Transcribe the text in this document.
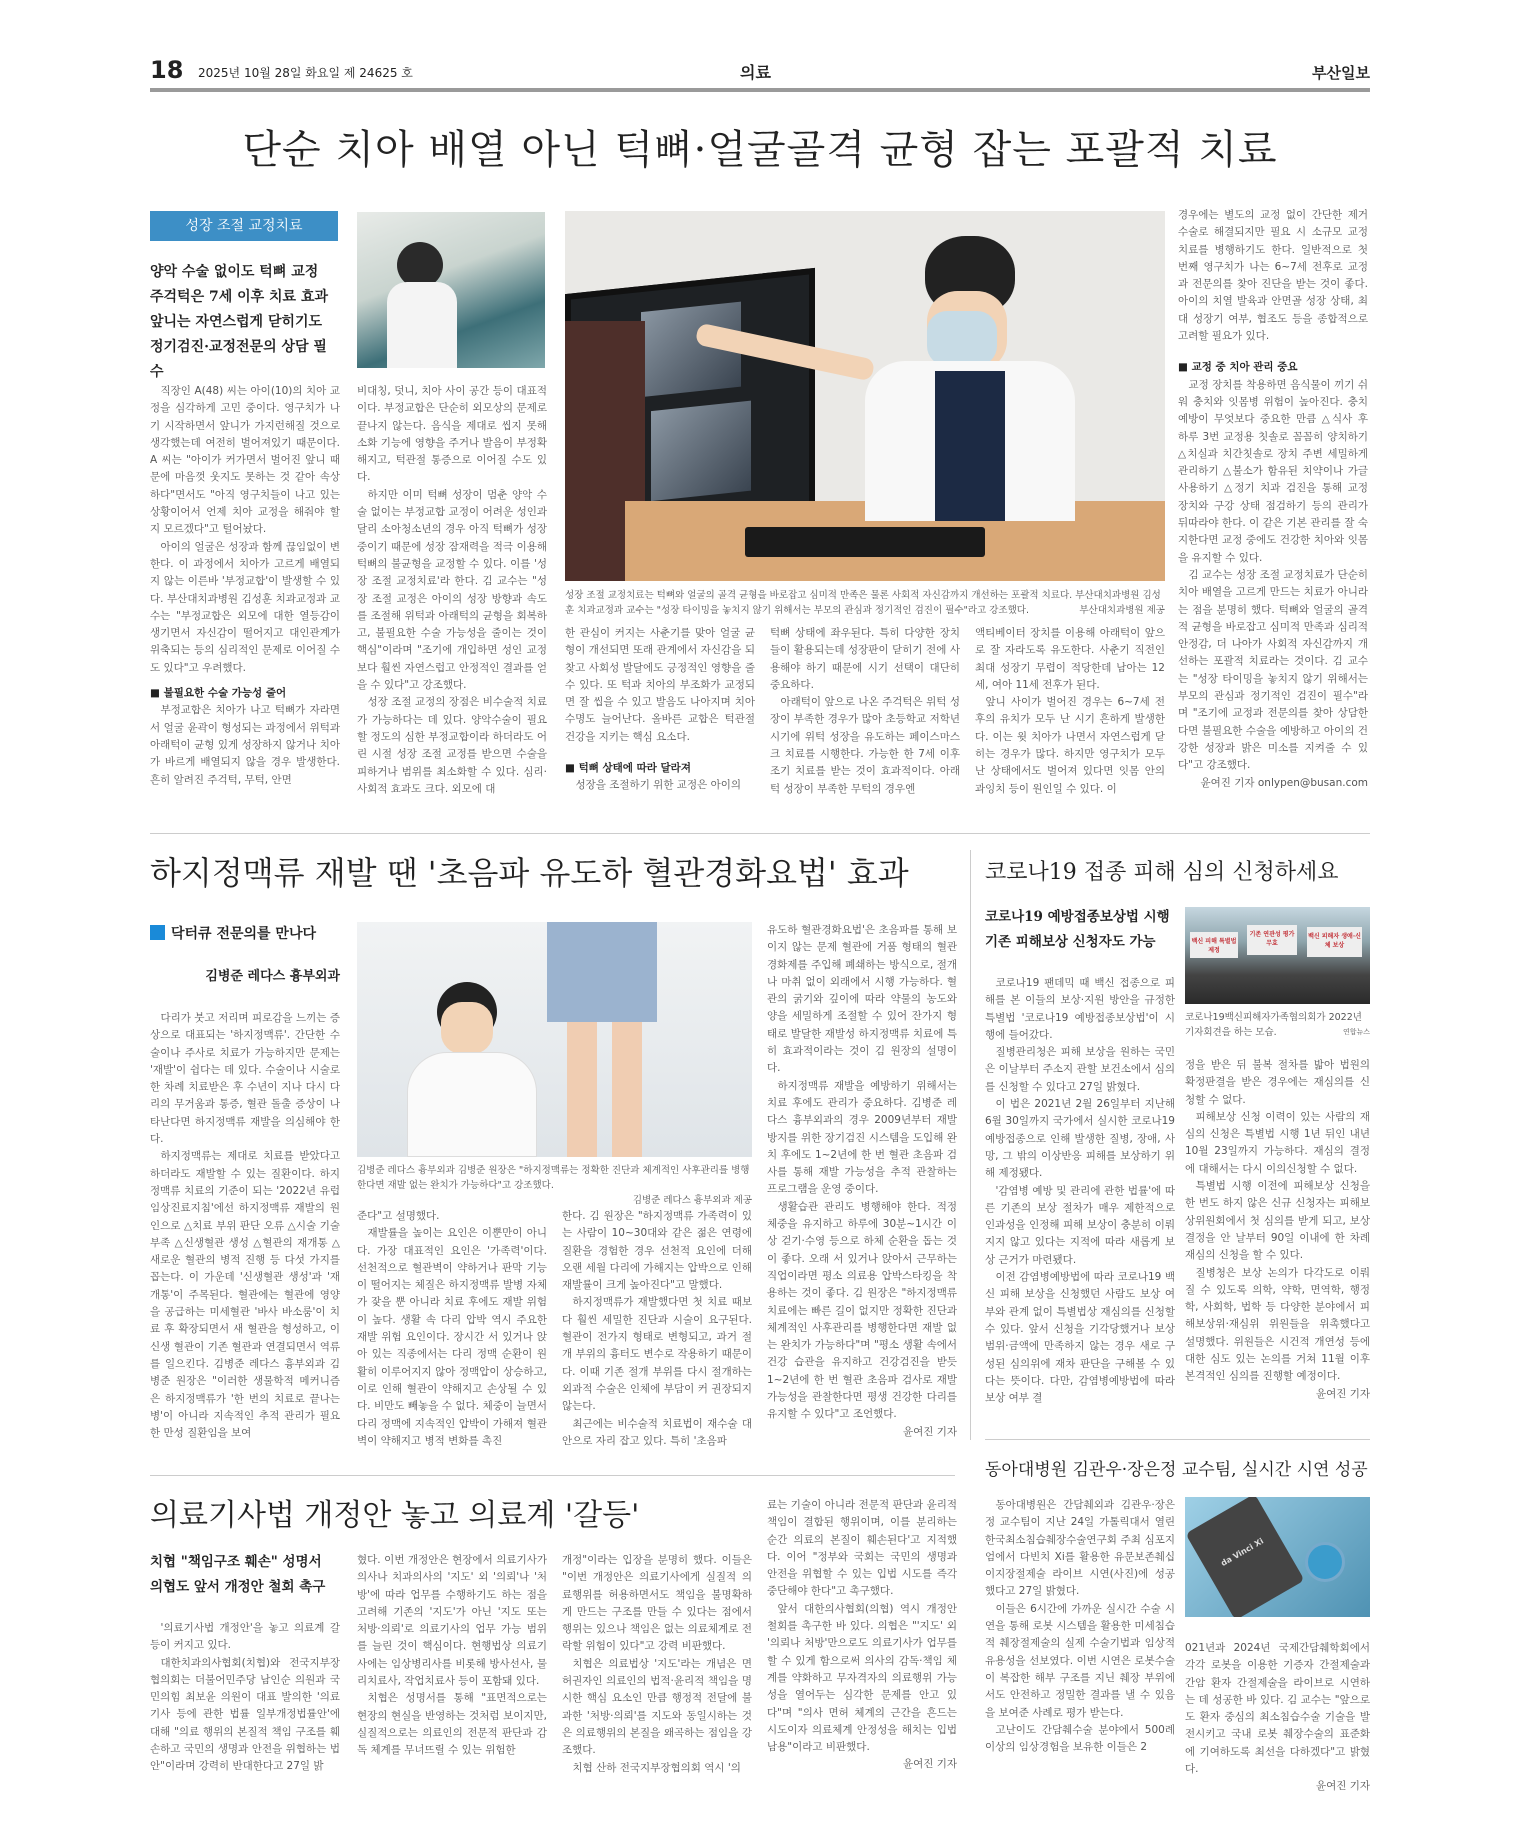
18 2025년 10월 28일 화요일 제 24625 호	의료	부산일보
단순 치아 배열 아닌 턱뼈·얼굴골격 균형 잡는 포괄적 치료
성장 조절 교정치료
양악 수술 없이도 턱뼈 교정
주걱턱은 7세 이후 치료 효과
앞니는 자연스럽게 닫히기도
정기검진·교정전문의 상담 필수
성장 조절 교정치료는 턱뼈와 얼굴의 골격 균형을 바로잡고 심미적 만족은 물론 사회적 자신감까지 개선하는 포괄적 치료다. 부산대치과병원 김성훈 치과교정과 교수는 "성장 타이밍을 놓치지 않기 위해서는 부모의 관심과 정기적인 검진이 필수"라고 강조했다.	부산대치과병원 제공

직장인 A(48) 씨는 아이(10)의 치아 교정을 심각하게 고민 중이다. 영구치가 나기 시작하면서 앞니가 가지런해질 것으로 생각했는데 여전히 벌어져있기 때문이다. A 씨는 "아이가 커가면서 벌어진 앞니 때문에 마음껏 웃지도 못하는 것 같아 속상하다"면서도 "아직 영구치들이 나고 있는 상황이어서 언제 치아 교정을 해줘야 할 지 모르겠다"고 털어놨다.

아이의 얼굴은 성장과 함께 끊임없이 변한다. 이 과정에서 치아가 고르게 배열되지 않는 이른바 '부정교합'이 발생할 수 있다. 부산대치과병원 김성훈 치과교정과 교수는 "부정교합은 외모에 대한 열등감이 생기면서 자신감이 떨어지고 대인관계가 위축되는 등의 심리적인 문제로 이어질 수도 있다"고 우려했다.

■ 불필요한 수술 가능성 줄어

부정교합은 치아가 나고 턱뼈가 자라면서 얼굴 윤곽이 형성되는 과정에서 위턱과 아래턱이 균형 있게 성장하지 않거나 치아가 바르게 배열되지 않을 경우 발생한다. 흔히 알려진 주걱턱, 무턱, 안면

비대칭, 덧니, 치아 사이 공간 등이 대표적이다. 부정교합은 단순히 외모상의 문제로 끝나지 않는다. 음식을 제대로 씹지 못해 소화 기능에 영향을 주거나 발음이 부정확해지고, 턱관절 통증으로 이어질 수도 있다.

하지만 이미 턱뼈 성장이 멈춘 양악 수술 없이는 부정교합 교정이 어려운 성인과 달리 소아청소년의 경우 아직 턱뼈가 성장 중이기 때문에 성장 잠재력을 적극 이용해 턱뼈의 불균형을 교정할 수 있다. 이를 '성장 조절 교정치료'라 한다. 김 교수는 "성장 조절 교정은 아이의 성장 방향과 속도를 조절해 위턱과 아래턱의 균형을 회복하고, 불필요한 수술 가능성을 줄이는 것이 핵심"이라며 "조기에 개입하면 성인 교정보다 훨씬 자연스럽고 안정적인 결과를 얻을 수 있다"고 강조했다.

성장 조절 교정의 장점은 비수술적 치료가 가능하다는 데 있다. 양악수술이 필요할 정도의 심한 부정교합이라 하더라도 어린 시절 성장 조절 교정를 받으면 수술을 피하거나 범위를 최소화할 수 있다. 심리·사회적 효과도 크다. 외모에 대

한 관심이 커지는 사춘기를 맞아 얼굴 균형이 개선되면 또래 관계에서 자신감을 되찾고 사회성 발달에도 긍정적인 영향을 줄 수 있다. 또 턱과 치아의 부조화가 교정되면 잘 씹을 수 있고 발음도 나아지며 치아 수명도 늘어난다. 올바른 교합은 턱관절 건강을 지키는 핵심 요소다.

■ 턱뼈 상태에 따라 달라져

성장을 조절하기 위한 교정은 아이의

턱뼈 상태에 좌우된다. 특히 다양한 장치들이 활용되는데 성장판이 닫히기 전에 사용해야 하기 때문에 시기 선택이 대단히 중요하다.

아래턱이 앞으로 나온 주걱턱은 위턱 성장이 부족한 경우가 많아 초등학교 저학년 시기에 위턱 성장을 유도하는 페이스마스크 치료를 시행한다. 가능한 한 7세 이후 조기 치료를 받는 것이 효과적이다. 아래턱 성장이 부족한 무턱의 경우엔

액티베이터 장치를 이용해 아래턱이 앞으로 잘 자라도록 유도한다. 사춘기 직전인 최대 성장기 무렵이 적당한데 남아는 12세, 여아 11세 전후가 된다.

앞니 사이가 벌어진 경우는 6~7세 전후의 유치가 모두 난 시기 흔하게 발생한다. 이는 윗 치아가 나면서 자연스럽게 닫히는 경우가 많다. 하지만 영구치가 모두 난 상태에서도 벌어져 있다면 잇몸 안의 과잉치 등이 원인일 수 있다. 이

경우에는 별도의 교정 없이 간단한 제거 수술로 해결되지만 필요 시 소규모 교정 치료를 병행하기도 한다. 일반적으로 첫 번째 영구치가 나는 6~7세 전후로 교정과 전문의를 찾아 진단을 받는 것이 좋다. 아이의 치열 발육과 안면골 성장 상태, 최대 성장기 여부, 협조도 등을 종합적으로 고려할 필요가 있다.

■ 교정 중 치아 관리 중요

교정 장치를 착용하면 음식물이 끼기 쉬워 충치와 잇몸병 위험이 높아진다. 충치 예방이 무엇보다 중요한 만큼 △식사 후 하루 3번 교정용 칫솔로 꼼꼼히 양치하기 △치실과 치간칫솔로 장치 주변 세밀하게 관리하기 △불소가 함유된 치약이나 가글 사용하기 △정기 치과 검진을 통해 교정 장치와 구강 상태 점검하기 등의 관리가 뒤따라야 한다. 이 같은 기본 관리를 잘 숙지한다면 교정 중에도 건강한 치아와 잇몸을 유지할 수 있다.

김 교수는 성장 조절 교정치료가 단순히 치아 배열을 고르게 만드는 치료가 아니라는 점을 분명히 했다. 턱뼈와 얼굴의 골격적 균형을 바로잡고 심미적 만족과 심리적 안정감, 더 나아가 사회적 자신감까지 개선하는 포괄적 치료라는 것이다. 김 교수는 "성장 타이밍을 놓치지 않기 위해서는 부모의 관심과 정기적인 검진이 필수"라며 "조기에 교정과 전문의를 찾아 상담한다면 불필요한 수술을 예방하고 아이의 건강한 성장과 밝은 미소를 지켜줄 수 있다"고 강조했다.

윤여진 기자 onlypen@busan.com
하지정맥류 재발 땐 '초음파 유도하 혈관경화요법' 효과
닥터큐 전문의를 만나다
김병준 레다스 흉부외과
김병준 레다스 흉부외과 김병준 원장은 "하지정맥류는 정확한 진단과 체계적인 사후관리를 병행한다면 재발 없는 완치가 가능하다"고 강조했다.
김병준 레다스 흉부외과 제공

다리가 붓고 저리며 피로감을 느끼는 증상으로 대표되는 '하지정맥류'. 간단한 수술이나 주사로 치료가 가능하지만 문제는 '재발'이 쉽다는 데 있다. 수술이나 시술로 한 차례 치료받은 후 수년이 지나 다시 다리의 무거움과 통증, 혈관 돌출 증상이 나타난다면 하지정맥류 재발을 의심해야 한다.

하지정맥류는 제대로 치료를 받았다고 하더라도 재발할 수 있는 질환이다. 하지정맥류 치료의 기준이 되는 '2022년 유럽임상진료지침'에선 하지정맥류 재발의 원인으로 △치료 부위 판단 오류 △시술 기술 부족 △신생혈관 생성 △혈관의 재개통 △새로운 혈관의 병적 진행 등 다섯 가지를 꼽는다. 이 가운데 '신생혈관 생성'과 '재개통'이 주목된다. 혈관에는 혈관에 영양을 공급하는 미세혈관 '바사 바소룸'이 치료 후 확장되면서 새 혈관을 형성하고, 이 신생 혈관이 기존 혈관과 연결되면서 역류를 일으킨다. 김병준 레다스 흉부외과 김병준 원장은 "이러한 생물학적 메커니즘은 하지정맥류가 '한 번의 치료로 끝나는 병'이 아니라 지속적인 추적 관리가 필요한 만성 질환임을 보여

준다"고 설명했다.

재발률을 높이는 요인은 이뿐만이 아니다. 가장 대표적인 요인은 '가족력'이다. 선천적으로 혈관벽이 약하거나 판막 기능이 떨어지는 체질은 하지정맥류 발병 자체가 잦을 뿐 아니라 치료 후에도 재발 위험이 높다. 생활 속 다리 압박 역시 주요한 재발 위험 요인이다. 장시간 서 있거나 앉아 있는 직종에서는 다리 정맥 순환이 원활히 이루어지지 않아 정맥압이 상승하고, 이로 인해 혈관이 약해지고 손상될 수 있다. 비만도 빼놓을 수 없다. 체중이 늘면서 다리 정맥에 지속적인 압박이 가해져 혈관벽이 약해지고 병적 변화를 촉진

한다. 김 원장은 "하지정맥류 가족력이 있는 사람이 10~30대와 같은 젊은 연령에 질환을 경험한 경우 선천적 요인에 더해 오랜 세월 다리에 가해지는 압박으로 인해 재발률이 크게 높아진다"고 말했다.

하지정맥류가 재발했다면 첫 치료 때보다 훨씬 세밀한 진단과 시술이 요구된다. 혈관이 전가지 형태로 변형되고, 과거 절개 부위의 흉터도 변수로 작용하기 때문이다. 이때 기존 절개 부위를 다시 절개하는 외과적 수술은 인체에 부담이 커 권장되지 않는다.

최근에는 비수술적 치료법이 재수술 대안으로 자리 잡고 있다. 특히 '초음파

유도하 혈관경화요법'은 초음파를 통해 보이지 않는 문제 혈관에 거품 형태의 혈관경화제를 주입해 폐쇄하는 방식으로, 절개나 마취 없이 외래에서 시행 가능하다. 혈관의 굵기와 깊이에 따라 약물의 농도와 양을 세밀하게 조절할 수 있어 잔가지 형태로 발달한 재발성 하지정맥류 치료에 특히 효과적이라는 것이 김 원장의 설명이다.

하지정맥류 재발을 예방하기 위해서는 치료 후에도 관리가 중요하다. 김병준 레다스 흉부외과의 경우 2009년부터 재발 방지를 위한 장기검진 시스템을 도입해 완치 후에도 1~2년에 한 번 혈관 초음파 검사를 통해 재발 가능성을 추적 관찰하는 프로그램을 운영 중이다.

생활습관 관리도 병행해야 한다. 적정 체중을 유지하고 하루에 30분~1시간 이상 걷기·수영 등으로 하체 순환을 돕는 것이 좋다. 오래 서 있거나 앉아서 근무하는 직업이라면 평소 의료용 압박스타킹을 착용하는 것이 좋다. 김 원장은 "하지정맥류 치료에는 빠른 길이 없지만 정확한 진단과 체계적인 사후관리를 병행한다면 재발 없는 완치가 가능하다"며 "평소 생활 속에서 건강 습관을 유지하고 건강검진을 받듯 1~2년에 한 번 혈관 초음파 검사로 재발 가능성을 관찰한다면 평생 건강한 다리를 유지할 수 있다"고 조언했다.

윤여진 기자
코로나19 접종 피해 심의 신청하세요
코로나19 예방접종보상법 시행
기존 피해보상 신청자도 가능	백신 피해 특별법 제정
기존 연관성 평가 무효
백신 피해자 생애·신체 보상
코로나19백신피해자가족협의회가 2022년 기자회견을 하는 모습.	연합뉴스

코로나19 팬데믹 때 백신 접종으로 피해를 본 이들의 보상·지원 방안을 규정한 특별법 '코로나19 예방접종보상법'이 시행에 들어갔다.

질병관리청은 피해 보상을 원하는 국민은 이날부터 주소지 관할 보건소에서 심의를 신청할 수 있다고 27일 밝혔다.

이 법은 2021년 2월 26일부터 지난해 6월 30일까지 국가에서 실시한 코로나19 예방접종으로 인해 발생한 질병, 장애, 사망, 그 밖의 이상반응 피해를 보상하기 위해 제정됐다.

'감염병 예방 및 관리에 관한 법률'에 따른 기존의 보상 절차가 매우 제한적으로 인과성을 인정해 피해 보상이 충분히 이뤄지지 않고 있다는 지적에 따라 새롭게 보상 근거가 마련됐다.

이전 감염병예방법에 따라 코로나19 백신 피해 보상을 신청했던 사람도 보상 여부와 관계 없이 특별법상 재심의를 신청할 수 있다. 앞서 신청을 기각당했거나 보상 범위·금액에 만족하지 않는 경우 새로 구성된 심의위에 재차 판단을 구해볼 수 있다는 뜻이다. 다만, 감염병예방법에 따라 보상 여부 결

정을 받은 뒤 불복 절차를 밟아 법원의 확정판결을 받은 경우에는 재심의를 신청할 수 없다.

피해보상 신청 이력이 있는 사람의 재심의 신청은 특별법 시행 1년 뒤인 내년 10월 23일까지 가능하다. 재심의 결정에 대해서는 다시 이의신청할 수 없다.

특별법 시행 이전에 피해보상 신청을 한 번도 하지 않은 신규 신청자는 피해보상위원회에서 첫 심의를 받게 되고, 보상 결정을 안 날부터 90일 이내에 한 차례 재심의 신청을 할 수 있다.

질병청은 보상 논의가 다각도로 이뤄질 수 있도록 의학, 약학, 면역학, 행정학, 사회학, 법학 등 다양한 분야에서 피해보상위·재심위 위원들을 위촉했다고 설명했다. 위원들은 시건적 개연성 등에 대한 심도 있는 논의를 거쳐 11월 이후 본격적인 심의를 진행할 예정이다.

윤여진 기자
의료기사법 개정안 놓고 의료계 '갈등'
치협 "책임구조 훼손" 성명서
의협도 앞서 개정안 철회 촉구

'의료기사법 개정안'을 놓고 의료계 갈등이 커지고 있다.

대한치과의사협회(치협)와 전국지부장협의회는 더불어민주당 남인순 의원과 국민의힘 최보윤 의원이 대표 발의한 '의료기사 등에 관한 법률 일부개정법률안'에 대해 "의료 행위의 본질적 책임 구조를 훼손하고 국민의 생명과 안전을 위협하는 법안"이라며 강력히 반대한다고 27일 밝

혔다. 이번 개정안은 현장에서 의료기사가 의사나 치과의사의 '지도' 외 '의뢰'나 '처방'에 따라 업무를 수행하기도 하는 점을 고려해 기존의 '지도'가 아닌 '지도 또는 처방·의뢰'로 의료기사의 업무 가능 범위를 늘린 것이 핵심이다. 현행법상 의료기사에는 임상병리사를 비롯해 방사선사, 물리치료사, 작업치료사 등이 포함돼 있다.

치협은 성명서를 통해 "표면적으로는 현장의 현실을 반영하는 것처럼 보이지만, 실질적으로는 의료인의 전문적 판단과 감독 체계를 무너뜨릴 수 있는 위험한

개정"이라는 입장을 분명히 했다. 이들은 "이번 개정안은 의료기사에게 실질적 의료행위를 허용하면서도 책임을 불명확하게 만드는 구조를 만들 수 있다는 점에서 행위는 있으나 책임은 없는 의료체계로 전락할 위험이 있다"고 강력 비판했다.

치협은 의료법상 '지도'라는 개념은 면허권자인 의료인의 법적·윤리적 책임을 명시한 핵심 요소인 만큼 행정적 전달에 불과한 '처방·의뢰'를 지도와 동일시하는 것은 의료행위의 본질을 왜곡하는 점임을 강조했다.

치협 산하 전국지부장협의회 역시 '의

료는 기술이 아니라 전문적 판단과 윤리적 책임이 결합된 행위이며, 이를 분리하는 순간 의료의 본질이 훼손된다'고 지적했다. 이어 "정부와 국회는 국민의 생명과 안전을 위협할 수 있는 입법 시도를 즉각 중단해야 한다"고 촉구했다.

앞서 대한의사협회(의협) 역시 개정안 철회를 촉구한 바 있다. 의협은 "'지도' 외 '의뢰나 처방'만으로도 의료기사가 업무를 할 수 있게 함으로써 의사의 감독·책임 체계를 약화하고 무자격자의 의료행위 가능성을 열어두는 심각한 문제를 안고 있다"며 "의사 면허 체계의 근간을 흔드는 시도이자 의료체계 안정성을 해치는 입법 남용"이라고 비판했다.

윤여진 기자
동아대병원 김관우·장은정 교수팀, 실시간 시연 성공
da Vinci Xi

동아대병원은 간담췌외과 김관우·장은정 교수팀이 지난 24일 가톨릭대서 열린 한국최소침습췌장수술연구회 주최 심포지엄에서 다빈치 Xi를 활용한 유문보존췌십이지장절제술 라이브 시연(사진)에 성공했다고 27일 밝혔다.

이들은 6시간에 가까운 실시간 수술 시연을 통해 로봇 시스템을 활용한 미세침습적 췌장절제술의 실제 수술기법과 임상적 유용성을 선보였다. 이번 시연은 로봇수술이 복잡한 해부 구조를 지닌 췌장 부위에서도 안전하고 정밀한 결과를 낼 수 있음을 보여준 사례로 평가 받는다.

고난이도 간담췌수술 분야에서 500례 이상의 임상경험을 보유한 이들은 2

021년과 2024년 국제간담췌학회에서 각각 로봇을 이용한 기증자 간절제술과 간암 환자 간절제술을 라이브로 시연하는 데 성공한 바 있다. 김 교수는 "앞으로도 환자 중심의 최소침습수술 기술을 발전시키고 국내 로봇 췌장수술의 표준화에 기여하도록 최선을 다하겠다"고 밝혔다.

윤여진 기자
